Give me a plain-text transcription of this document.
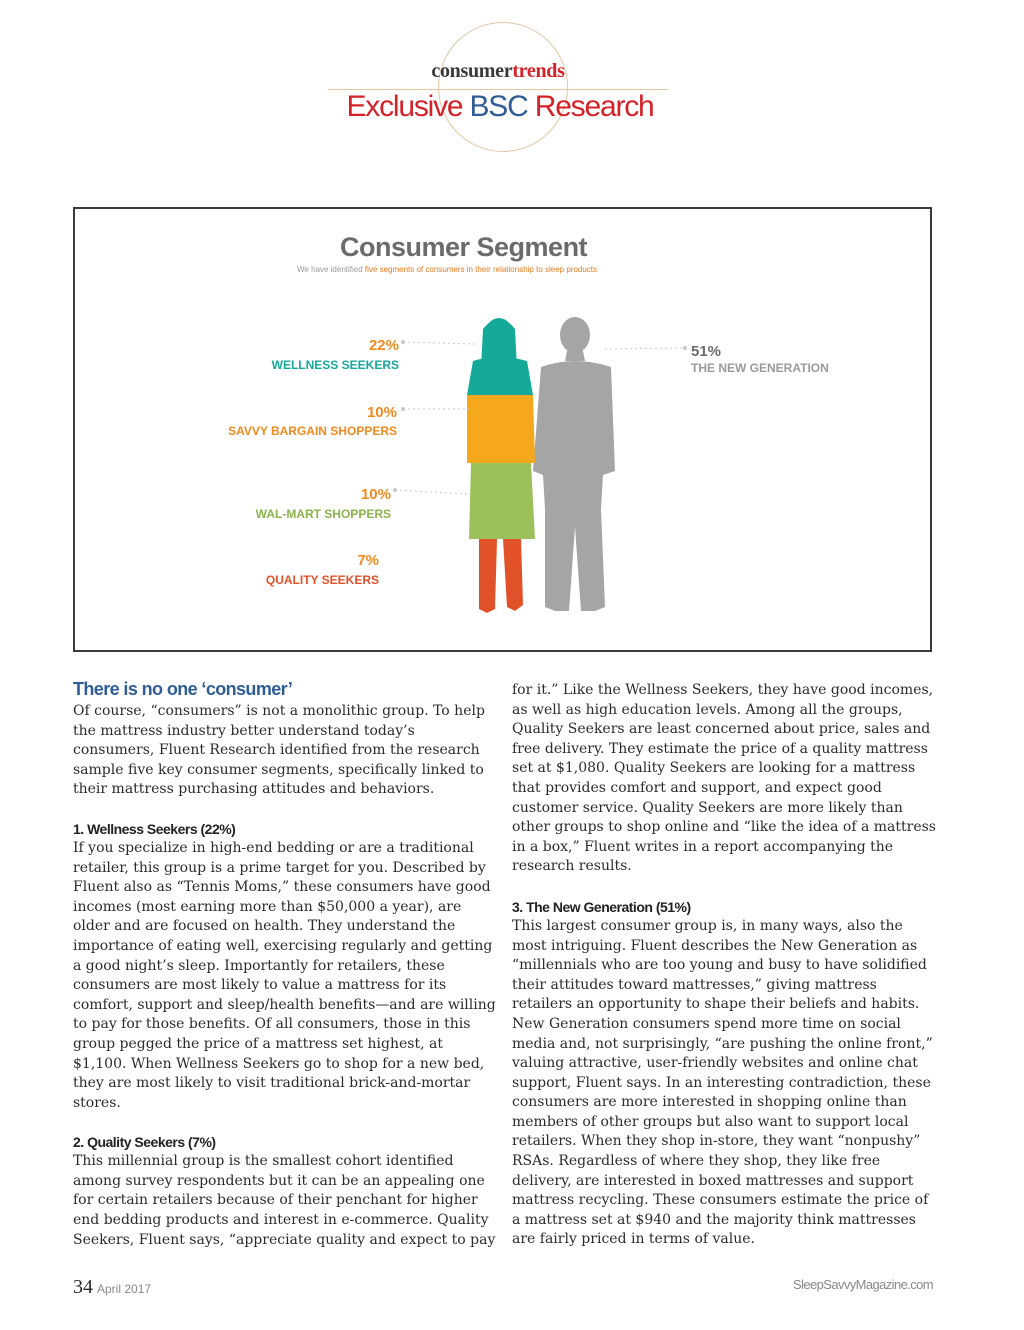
consumertrends
Exclusive BSC Research
Consumer Segment
We have identified five segments of consumers in their relationship to sleep products
22%
WELLNESS SEEKERS
10%
SAVVY BARGAIN SHOPPERS
10%
WAL-MART SHOPPERS
7%
QUALITY SEEKERS
51%
THE NEW GENERATION
There is no one ‘consumer’

Of course, “consumers” is not a monolithic group. To help the mattress industry better understand today’s consumers, Fluent Research identified from the research sample five key consumer segments, specifically linked to their mattress purchasing attitudes and behaviors.

1. Wellness Seekers (22%)

If you specialize in high-end bedding or are a traditional retailer, this group is a prime target for you. Described by Fluent also as “Tennis Moms,” these consumers have good incomes (most earning more than $50,000 a year), are older and are focused on health. They understand the importance of eating well, exercising regularly and getting a good night’s sleep. Importantly for retailers, these consumers are most likely to value a mattress for its comfort, support and sleep/health benefits—and are willing to pay for those benefits. Of all consumers, those in this group pegged the price of a mattress set highest, at $1,100. When Wellness Seekers go to shop for a new bed, they are most likely to visit traditional brick-and-mortar stores.

2. Quality Seekers (7%)

This millennial group is the smallest cohort identified among survey respondents but it can be an appealing one for certain retailers because of their penchant for higher end bedding products and interest in e-commerce. Quality Seekers, Fluent says, “appreciate quality and expect to pay

for it.” Like the Wellness Seekers, they have good incomes, as well as high education levels. Among all the groups, Quality Seekers are least concerned about price, sales and free delivery. They estimate the price of a quality mattress set at $1,080. Quality Seekers are looking for a mattress that provides comfort and support, and expect good customer service. Quality Seekers are more likely than other groups to shop online and “like the idea of a mattress in a box,” Fluent writes in a report accompanying the research results.

3. The New Generation (51%)

This largest consumer group is, in many ways, also the most intriguing. Fluent describes the New Generation as “millennials who are too young and busy to have solidified their attitudes toward mattresses,” giving mattress retailers an opportunity to shape their beliefs and habits. New Generation consumers spend more time on social media and, not surprisingly, “are pushing the online front,” valuing attractive, user-friendly websites and online chat support, Fluent says. In an interesting contradiction, these consumers are more interested in shopping online than members of other groups but also want to support local retailers. When they shop in-store, they want “nonpushy” RSAs. Regardless of where they shop, they like free delivery, are interested in boxed mattresses and support mattress recycling. These consumers estimate the price of a mattress set at $940 and the majority think mattresses are fairly priced in terms of value.

34 April 2017	SleepSavvyMagazine.com
